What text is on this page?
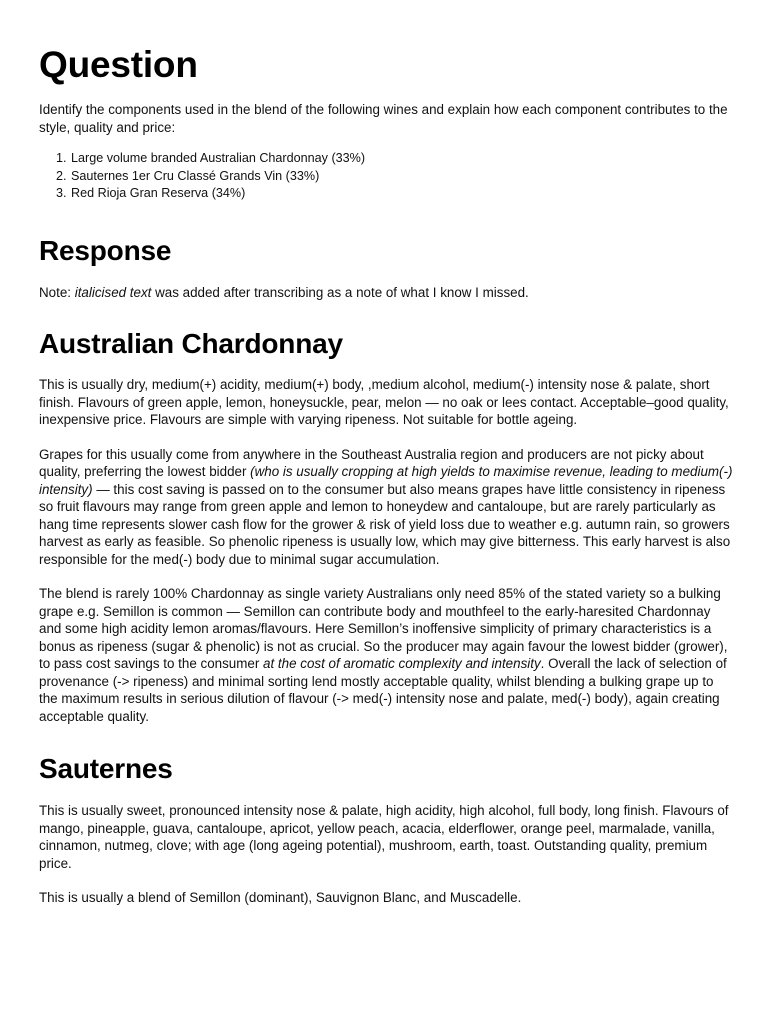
Question

Identify the components used in the blend of the following wines and explain how each component contributes to the style, quality and price:

1. Large volume branded Australian Chardonnay (33%)
2. Sauternes 1er Cru Classé Grands Vin (33%)
3. Red Rioja Gran Reserva (34%)
Response

Note: italicised text was added after transcribing as a note of what I know I missed.

Australian Chardonnay

This is usually dry, medium(+) acidity, medium(+) body, ,medium alcohol, medium(-) intensity nose & palate, short finish. Flavours of green apple, lemon, honeysuckle, pear, melon — no oak or lees contact. Acceptable–good quality, inexpensive price. Flavours are simple with varying ripeness. Not suitable for bottle ageing.

Grapes for this usually come from anywhere in the Southeast Australia region and producers are not picky about quality, preferring the lowest bidder (who is usually cropping at high yields to maximise revenue, leading to medium(-) intensity) — this cost saving is passed on to the consumer but also means grapes have little consistency in ripeness so fruit flavours may range from green apple and lemon to honeydew and cantaloupe, but are rarely particularly as hang time represents slower cash flow for the grower & risk of yield loss due to weather e.g. autumn rain, so growers harvest as early as feasible. So phenolic ripeness is usually low, which may give bitterness. This early harvest is also responsible for the med(-) body due to minimal sugar accumulation.

The blend is rarely 100% Chardonnay as single variety Australians only need 85% of the stated variety so a bulking grape e.g. Semillon is common — Semillon can contribute body and mouthfeel to the early-haresited Chardonnay and some high acidity lemon aromas/flavours. Here Semillon’s inoffensive simplicity of primary characteristics is a bonus as ripeness (sugar & phenolic) is not as crucial. So the producer may again favour the lowest bidder (grower), to pass cost savings to the consumer at the cost of aromatic complexity and intensity. Overall the lack of selection of provenance (-> ripeness) and minimal sorting lend mostly acceptable quality, whilst blending a bulking grape up to the maximum results in serious dilution of flavour (-> med(-) intensity nose and palate, med(-) body), again creating acceptable quality.

Sauternes

This is usually sweet, pronounced intensity nose & palate, high acidity, high alcohol, full body, long finish. Flavours of mango, pineapple, guava, cantaloupe, apricot, yellow peach, acacia, elderflower, orange peel, marmalade, vanilla, cinnamon, nutmeg, clove; with age (long ageing potential), mushroom, earth, toast. Outstanding quality, premium price.

This is usually a blend of Semillon (dominant), Sauvignon Blanc, and Muscadelle.
